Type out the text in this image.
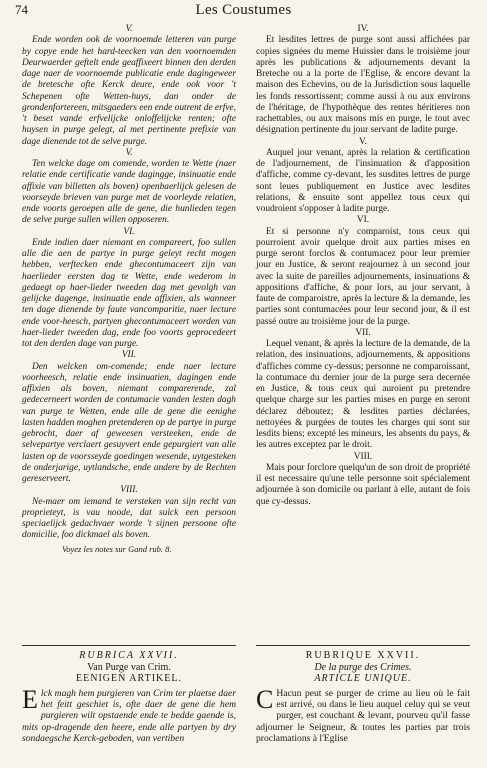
74	Les Coustumes
V.

Ende worden ook de voornoemde letteren van purge by copye ende het hard-teecken van den voornoemden Deurwaerder geftelt ende geaffixeert binnen den derden dage naer de voornoemde publicatie ende dagingeweer de bretesche ofte Kerck deure, ende ook voor 't Schepenen ofte Wetten-huys, dan onder de grondenfortereen, mitsgaeders een ende outrent de erfve, 't beset vande erfvelijcke onloffelijcke renten; ofte huysen in purge gelegt, al met pertinente prefixie van dage dienende tot de selve purge.

V.

Ten welcke dage om comende, worden te Wette (naer relatie ende certificatie vande dagingge, insinuatie ende affixie van billetten als boven) openbaerlijck gelesen de voorseyde brieven van purge met de voorleyde relatien, ende voorts geroepen alle de gene, die hunlieden tegen de selve purge sullen willen opposeren.

VI.

Ende indien daer niemant en compareert, foo sullen alle die aen de partye in purge geleyt recht mogen hebben, verftecken ende ghecontumaceert zijn van haerlieder eersten dag te Wette, ende wederom in gedaegt op haer-lieder tweeden dag met gevolgh van gelijcke dagenge, insinuatie ende affixien, als wanneer ten dage dienende by faute vancomparitie, naer lecture ende voor-heesch, partyen ghecontumaceert worden van haer-lieder tweeden dag, ende foo voorts geprocedeert tot den derden dage van purge.

VII.

Den welcken om-comende; ende naer lecture voorheesch, relatie ende insinuatien, dagingen ende affixien als boven, niemant comparerende, zal gedecerneert worden de contumacie vanden lesten dagh van purge te Wetten, ende alle de gene die eenighe lasten hadden moghen pretenderen op de partye in purge gebrocht, daer af geweesen versteeken, ende de selvepartye verclaert gesuyvert ende gepurgiert van alle lasten op de voorsseyde goedingen wesende, uytgesteken de onderjarige, uytlandsche, ende andere by de Rechten gereserveert.

VIII.

Ne-maer om iemand te versteken van sijn recht van proprieteyt, is vau noode, dat sulck een persoon speciaelijck gedachvaer worde 't sijnen persoone ofte domicilie, foo dickmael als boven.

Voyez les notes sur Gand rub. 8.
IV.

Et lesdites lettres de purge sont aussi affichées par copies signées du meme Huissier dans le troisième jour après les publications & adjournements devant la Breteche ou a la porte de l'Eglise, & encore devant la maison des Echevins, ou de la Jurisdiction sous laquelle les fonds ressortissent; comme aussi à ou aux environs de l'héritage, de l'hypothèque des rentes héritieres non rachettables, ou aux maisons mis en purge, le tout avec désignation pertinente du jour servant de ladite purge.

V.

Auquel jour venant, après la relation & certification de l'adjournement, de l'insinuation & d'apposition d'affiche, comme cy-devant, les susdites lettres de purge sont leues publiquement en Justice avec lesdites relations, & ensuite sont appellez tous ceux qui voudroient s'opposer à ladite purge.

VI.

Et si personne n'y comparoist, tous ceux qui pourroient avoir quelque droit aux parties mises en purge seront forclos & contumacez pour leur premier jour en Justice, & seront reajournez à un second jour avec la suite de pareilles adjournements, insinuations & appositions d'affiche, & pour lors, au jour servant, à faute de comparoistre, après la lecture & la demande, les parties sont contumacées pour leur second jour, & il est passé outre au troisième jour de la purge.

VII.

Lequel venant, & après la lecture de la demande, de la relation, des insinuations, adjournements, & appositions d'affiches comme cy-dessus; personne ne comparoissant, la contumace du dernier jour de la purge sera decernée en Justice, & tous ceux qui auroient pu pretendre quelque charge sur les parties mises en purge en seront déclarez déboutez; & lesdites parties déclarées, nettoyées & purgées de toutes les charges qui sont sur lesdits biens; excepté les mineurs, les absents du pays, & les autres exceptez par le droit.

VIII.

Mais pour forclore quelqu'un de son droit de propriété il est necessaire qu'une telle personne soit spécialement adjournée à son domicile ou parlant à elle, autant de fois que cy-dessus.

RUBRICA XXVII.
Van Purge van Crim.
EENIGEN ARTIKEL.
Elck magh hem purgieren van Crim ter plaetse daer het feitt geschiet is, ofte daer de gene die hem purgieren wilt opstaende ende te bedde gaende is, mits op-dragende den heere, ende alle partyen by dry sondaegsche Kerck-geboden, van vertiben
RUBRIQUE XXVII.
De la purge des Crimes.
ARTICLE UNIQUE.
C Hacun peut se purger de crime au lieu où le fait est arrivé, ou dans le lieu auquel celuy qui se veut purger, est couchant & levant, pourveu qu'il fasse adjourner le Seigneur, & toutes les parties par trois proclamations à l'Eglise
